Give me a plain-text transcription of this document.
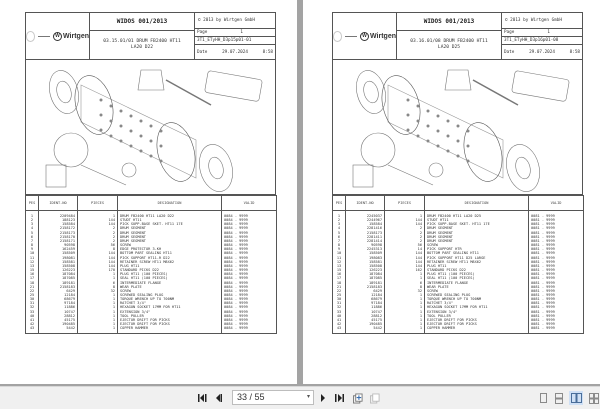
W Wirtgen
WIDOS 001/2013
03.15.01/01 DRUM FB2400 HT11
LA20 D22
© 2013 by Wirtgen GmbH
Page	1
3T1_ETyHH_D3p15p01-01
Date	29.07.2024	8:58
PES	IDENT-NO	PIECES	DESIGNATION	VALID
1	2209484	1	DRUM FB2400 HT11 LA20 D22	0084 - 9999
2	188123	144	STUDT HT11	0084 - 9999
3	158584	144	PICK SUPP.BASE SKET. HT11 17E	0084 - 9999
4	2158172	2	DRUM SEGMENT	0084 - 9999
5	2158173	2	DRUM SEGMENT	0084 - 9999
6	2158170	2	DRUM SEGMENT	0084 - 9999
7	2158171	2	DRUM SEGMENT	0084 - 9999
8	90598	56	SCREW	0084 - 9999
9	162459	8	EDGE PROTECTOR 3-KH	0084 - 9999
10	158509	144	BOTTOM PART SEALING HT11	0084 - 9999
11	198081	144	PICK SUPPORT HT11-R D22	0084 - 9999
12	158581	144	RETAINER SCREW HT11 M8X62	0084 - 9999
13	158508	144	PLUG HT11	0084 - 9999
15	126223	170	STANDARD PICKS D22	0084 - 9999
16	187084	1	PLUG HT11 (100 PIECES)	0084 - 9999
17	187085	1	SEAL HT11 (100 PIECES)	0084 - 9999
18	189181	6	INTERMEDIATE FLANGE	0084 - 9999
21	2158183	8	WEAR PLATE	0084 - 9999
22	6429	32	SCREW	0084 - 9999
25	12184	1	SCREWED SEALING PLUG	0084 - 9999
30	68679	1	TORQUE WRENCH UP TO 700NM	0084 - 9999
31	97184	1	RATCHET 3/4"	0084 - 9999
32	11886	1	HEXAGON SOCKET 17MM FOR HT11	0084 - 9999
33	10747	1	EXTENSION 3/4"	0084 - 9999
40	28812	1	TOOL PULLER	0084 - 9999
41	45175	1	EJECTOR DRIFT FOR PICKS	0084 - 9999
42	190485	1	EJECTOR DRIFT FOR PICKS	0084 - 9999
43	5442	1	COPPER HAMMER	0084 - 9999
W Wirtgen
WIDOS 001/2013
03.16.01/08 DRUM FB2400 HT11
LA20 D25
© 2013 by Wirtgen GmbH
Page	1
3T1_ETyHH_D3p16p01-08
Date	29.07.2024	8:58
PES	IDENT-NO	PIECES	DESIGNATION	VALID
1	2245037	1	DRUM FB2400 HT11 LA20 D25	0081 - 9999
2	2244967	144	STUDT HT11	0081 - 9999
3	158584	144	PICK SUPP.BASE SKET. HT11 17E	0081 - 9999
4	2281416	2	DRUM SEGMENT	0081 - 9999
5	2158173	2	DRUM SEGMENT	0081 - 9999
6	2281411	2	DRUM SEGMENT	0081 - 9999
7	2281414	2	DRUM SEGMENT	0081 - 9999
8	90598	56	SCREW	0081 - 9999
9	2245313	14	PICK SUPPORT HTR	0081 - 9999
10	158509	144	BOTTOM PART SEALING HT11	0081 - 9999
11	198083	144	PICK SUPPORT HT11 D25 LARGE	0081 - 9999
12	158581	144	RETAINER SCREW HT11 M8X62	0081 - 9999
13	158508	144	PLUG HT11	0081 - 9999
15	126223	162	STANDARD PICKS D22	0081 - 9999
16	187084	1	PLUG HT11 (100 PIECES)	0081 - 9999
17	187085	1	SEAL HT11 (100 PIECES)	0081 - 9999
18	189181	6	INTERMEDIATE FLANGE	0081 - 9999
21	2158183	8	WEAR PLATE	0081 - 9999
22	6429	32	SCREW	0081 - 9999
25	12184	1	SCREWED SEALING PLUG	0081 - 9999
30	68679	1	TORQUE WRENCH UP TO 700NM	0081 - 9999
31	97184	1	RATCHET 3/4"	0081 - 9999
32	11886	1	HEXAGON SOCKET 17MM FOR HT11	0081 - 9999
33	10747	1	EXTENSION 3/4"	0081 - 9999
40	28812	1	TOOL PULLER	0081 - 9999
41	45175	1	EJECTOR DRIFT FOR PICKS	0081 - 9999
42	190485	1	EJECTOR DRIFT FOR PICKS	0081 - 9999
43	5442	1	COPPER HAMMER	0081 - 9999
33 / 55	▾
